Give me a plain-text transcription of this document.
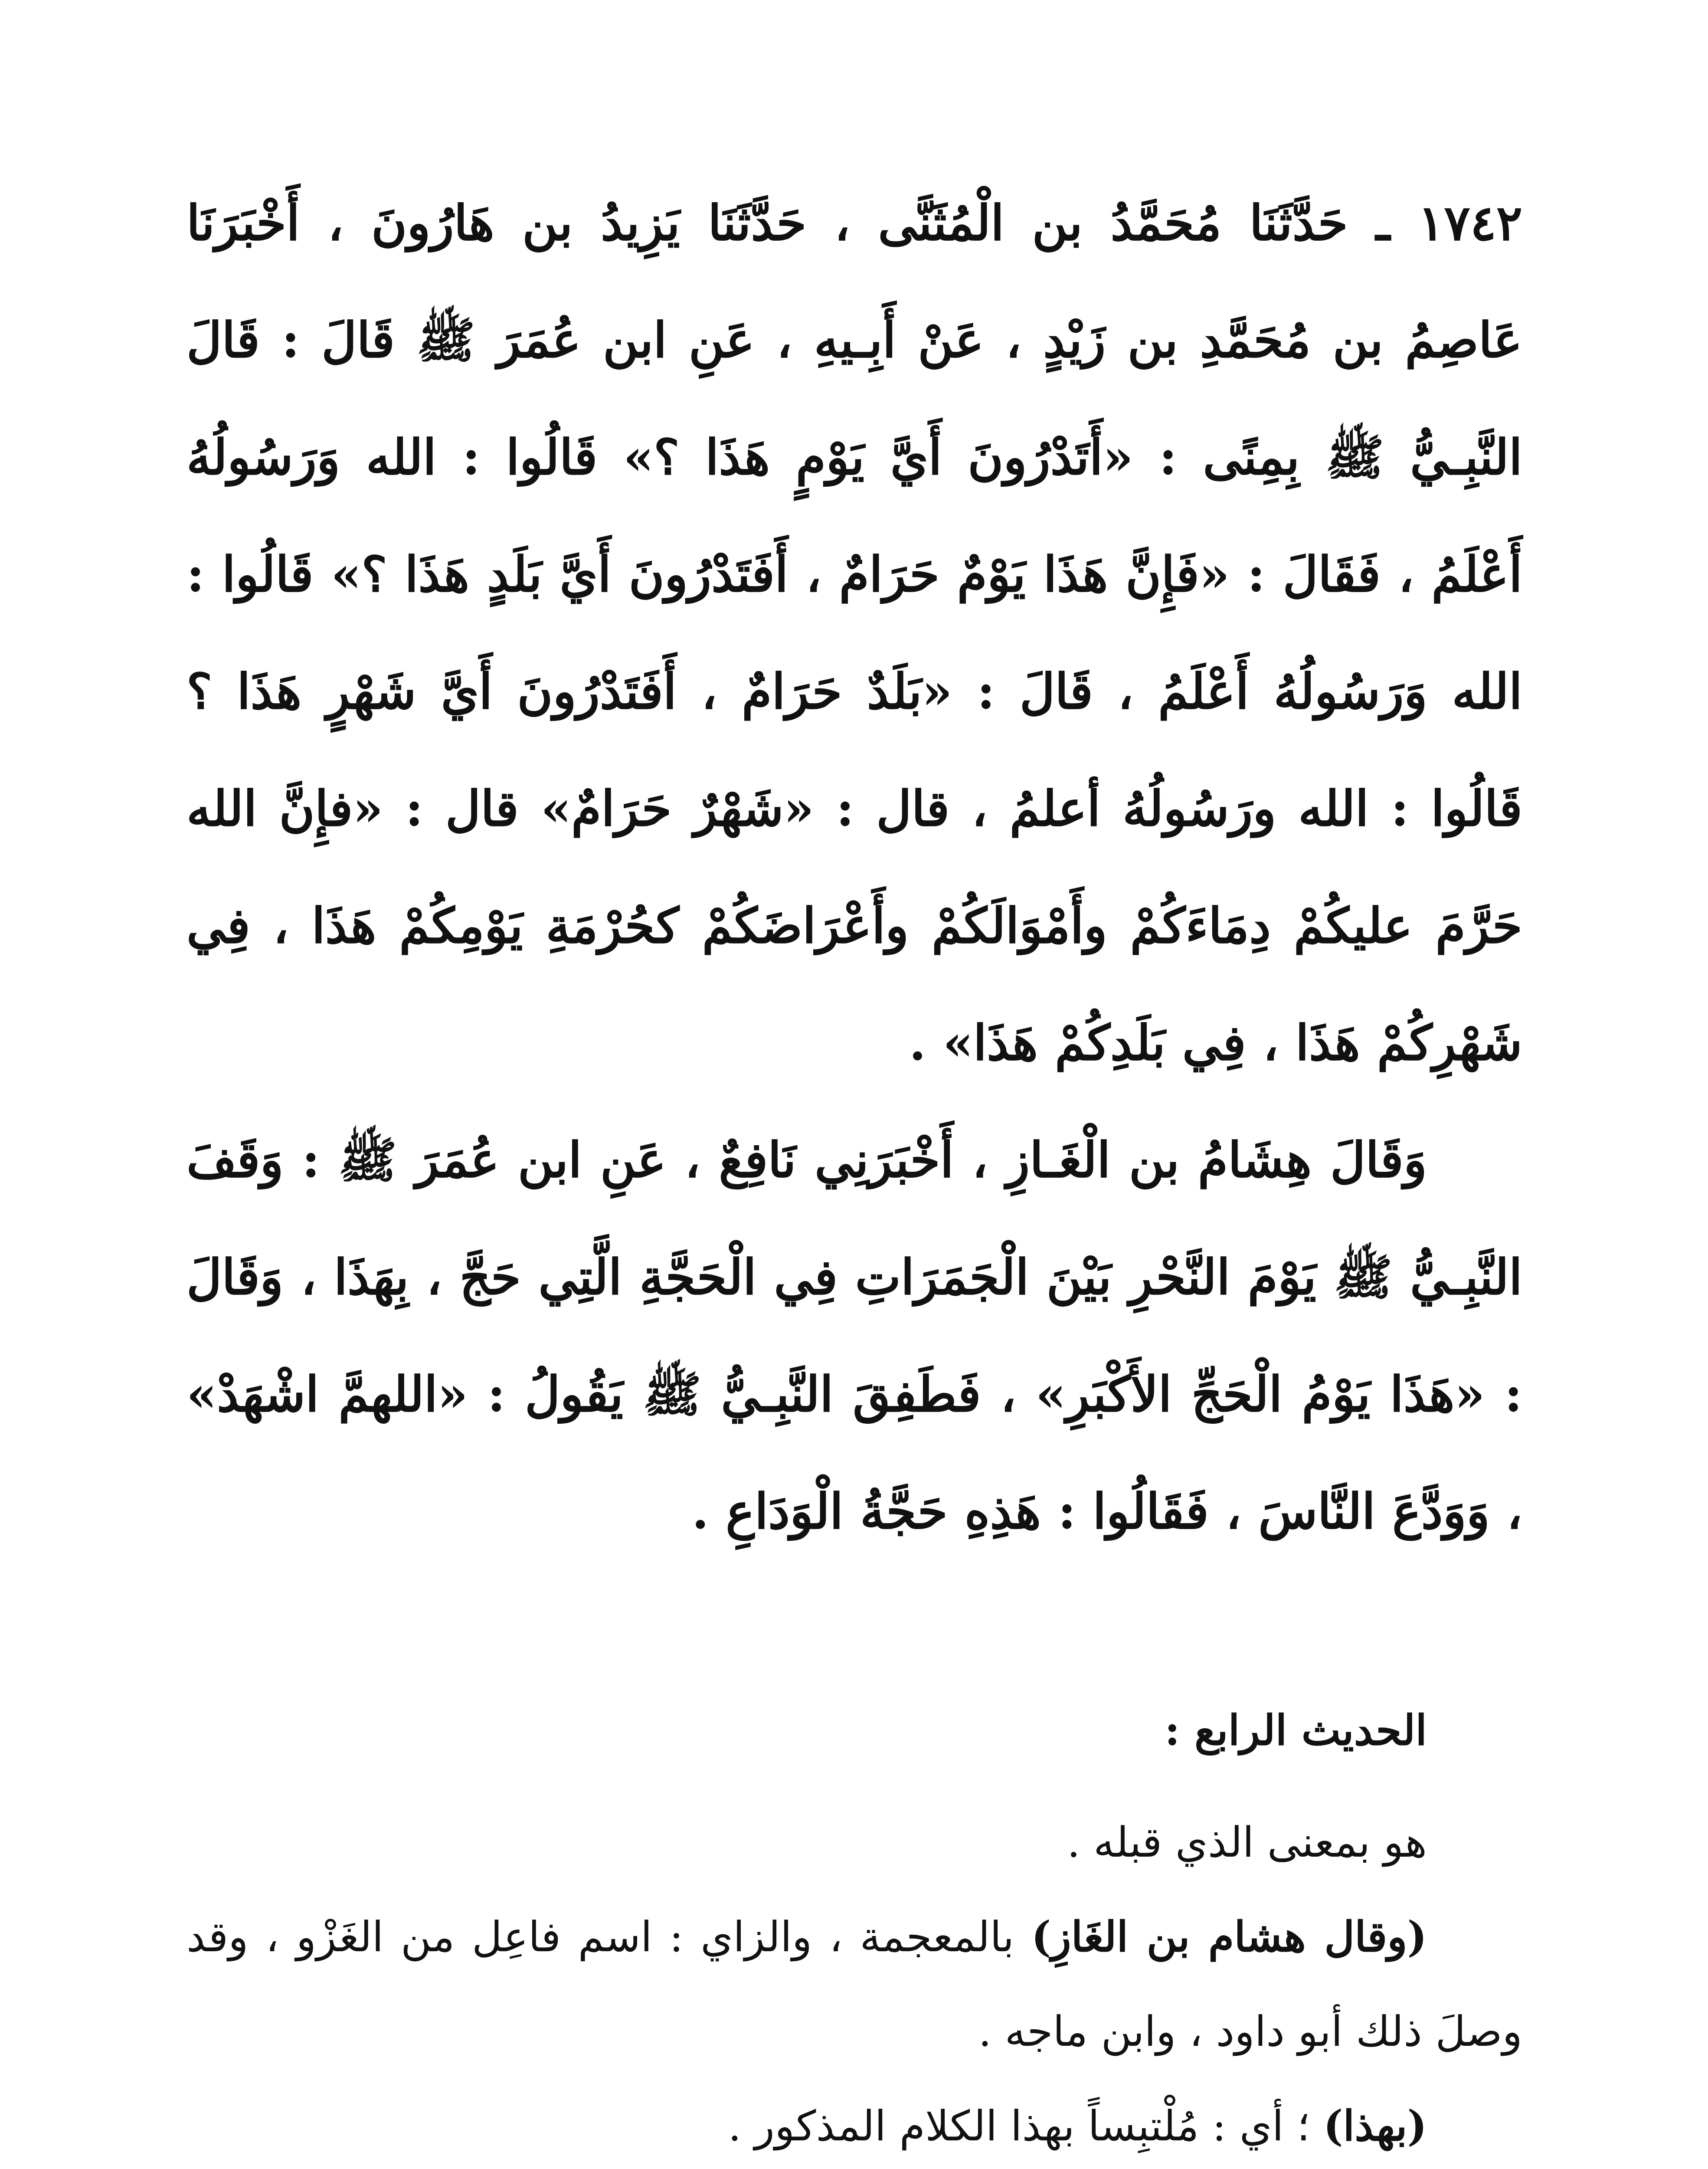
١٧٤٢ ـ حَدَّثَنَا مُحَمَّدُ بن الْمُثَنَّى ، حَدَّثَنَا يَزِيدُ بن هَارُونَ ، أَخْبَرَنَا عَاصِمُ بن مُحَمَّدِ بن زَيْدٍ ، عَنْ أَبِـيهِ ، عَنِ ابن عُمَرَ ﷺ قَالَ : قَالَ النَّبِـيُّ ﷺ بِمِنًى : «أَتَدْرُونَ أَيَّ يَوْمٍ هَذَا ؟» قَالُوا : الله وَرَسُولُهُ أَعْلَمُ ، فَقَالَ : «فَإِنَّ هَذَا يَوْمٌ حَرَامٌ ، أَفَتَدْرُونَ أَيَّ بَلَدٍ هَذَا ؟» قَالُوا : الله وَرَسُولُهُ أَعْلَمُ ، قَالَ : «بَلَدٌ حَرَامٌ ، أَفَتَدْرُونَ أَيَّ شَهْرٍ هَذَا ؟ قَالُوا : الله ورَسُولُهُ أعلمُ ، قال : «شَهْرٌ حَرَامٌ» قال : «فإِنَّ الله حَرَّمَ عليكُمْ دِمَاءَكُمْ وأَمْوَالَكُمْ وأَعْرَاضَكُمْ كحُرْمَةِ يَوْمِكُمْ هَذَا ، فِي شَهْرِكُمْ هَذَا ، فِي بَلَدِكُمْ هَذَا» .

وَقَالَ هِشَامُ بن الْغَـازِ ، أَخْبَرَنِي نَافِعٌ ، عَنِ ابن عُمَرَ ﷺ : وَقَفَ النَّبِـيُّ ﷺ يَوْمَ النَّحْرِ بَيْنَ الْجَمَرَاتِ فِي الْحَجَّةِ الَّتِي حَجَّ ، بِهَذَا ، وَقَالَ : «هَذَا يَوْمُ الْحَجِّ الأَكْبَرِ» ، فَطَفِقَ النَّبِـيُّ ﷺ يَقُولُ : «اللهمَّ اشْهَدْ» ، وَوَدَّعَ النَّاسَ ، فَقَالُوا : هَذِهِ حَجَّةُ الْوَدَاعِ .

الحديث الرابع :

هو بمعنى الذي قبله .

(وقال هشام بن الغَازِ) بالمعجمة ، والزاي : اسم فاعِل من الغَزْو ، وقد وصلَ ذلك أبو داود ، وابن ماجه .

(بهذا) ؛ أي : مُلْتبِساً بهذا الكلام المذكور .
